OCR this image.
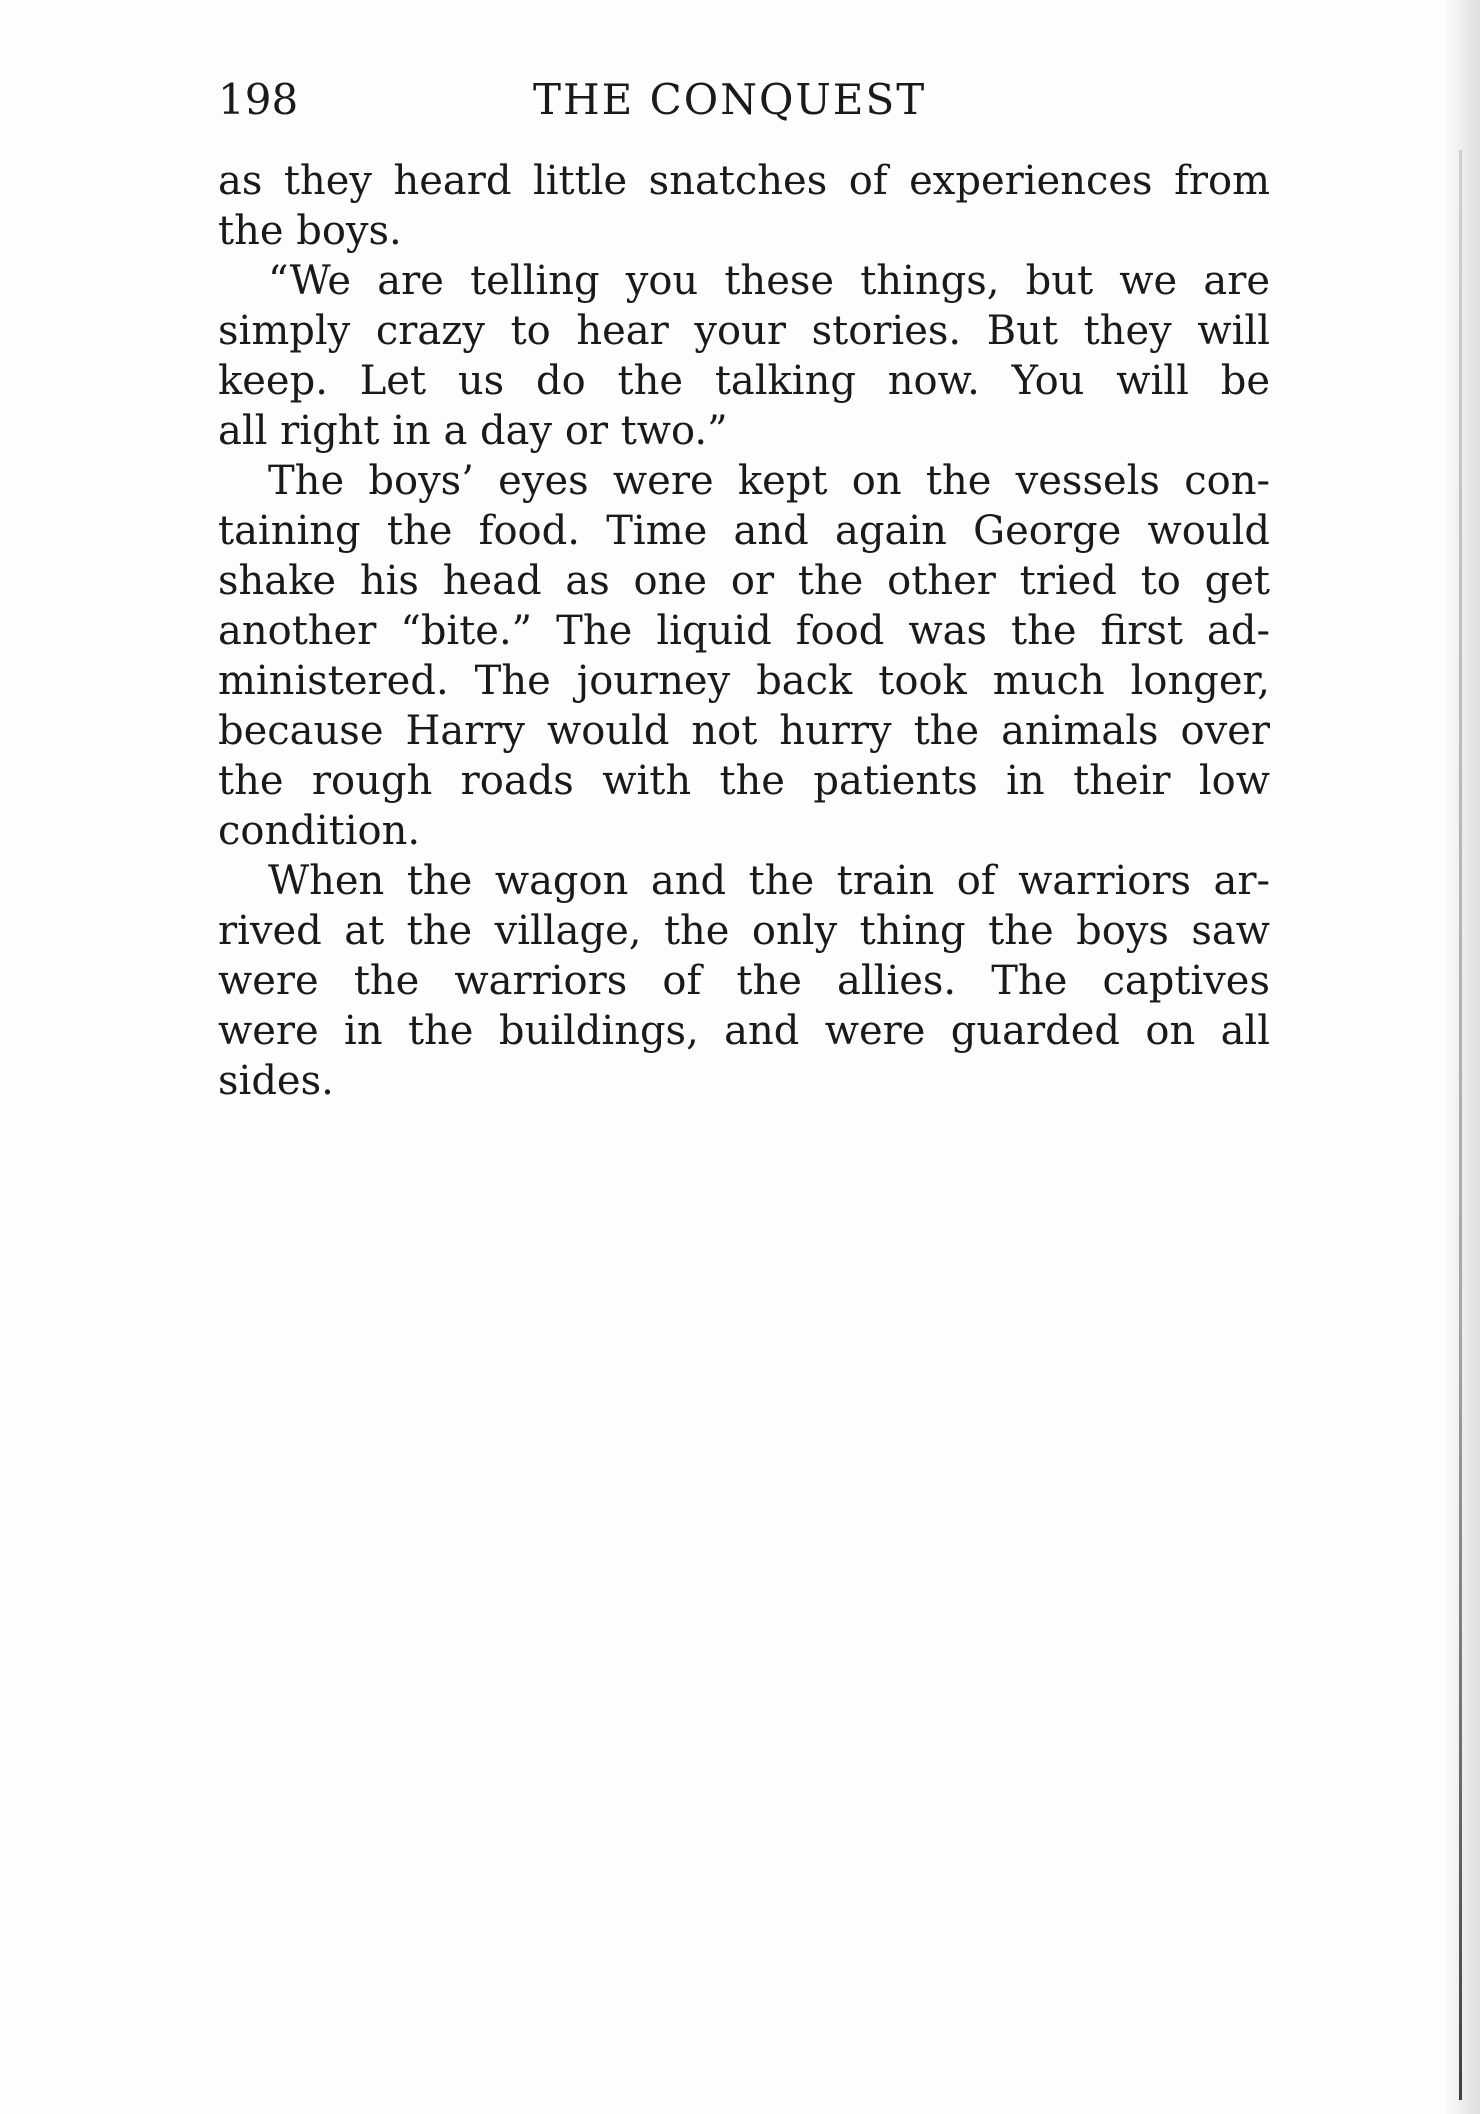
198	THE CONQUEST
as they heard little snatches of experiences from
the boys.
“We are telling you these things, but we are
simply crazy to hear your stories. But they will
keep. Let us do the talking now. You will be
all right in a day or two.”
The boys’ eyes were kept on the vessels con-
taining the food. Time and again George would
shake his head as one or the other tried to get
another “bite.” The liquid food was the first ad-
ministered. The journey back took much longer,
because Harry would not hurry the animals over
the rough roads with the patients in their low
condition.
When the wagon and the train of warriors ar-
rived at the village, the only thing the boys saw
were the warriors of the allies. The captives
were in the buildings, and were guarded on all
sides.
